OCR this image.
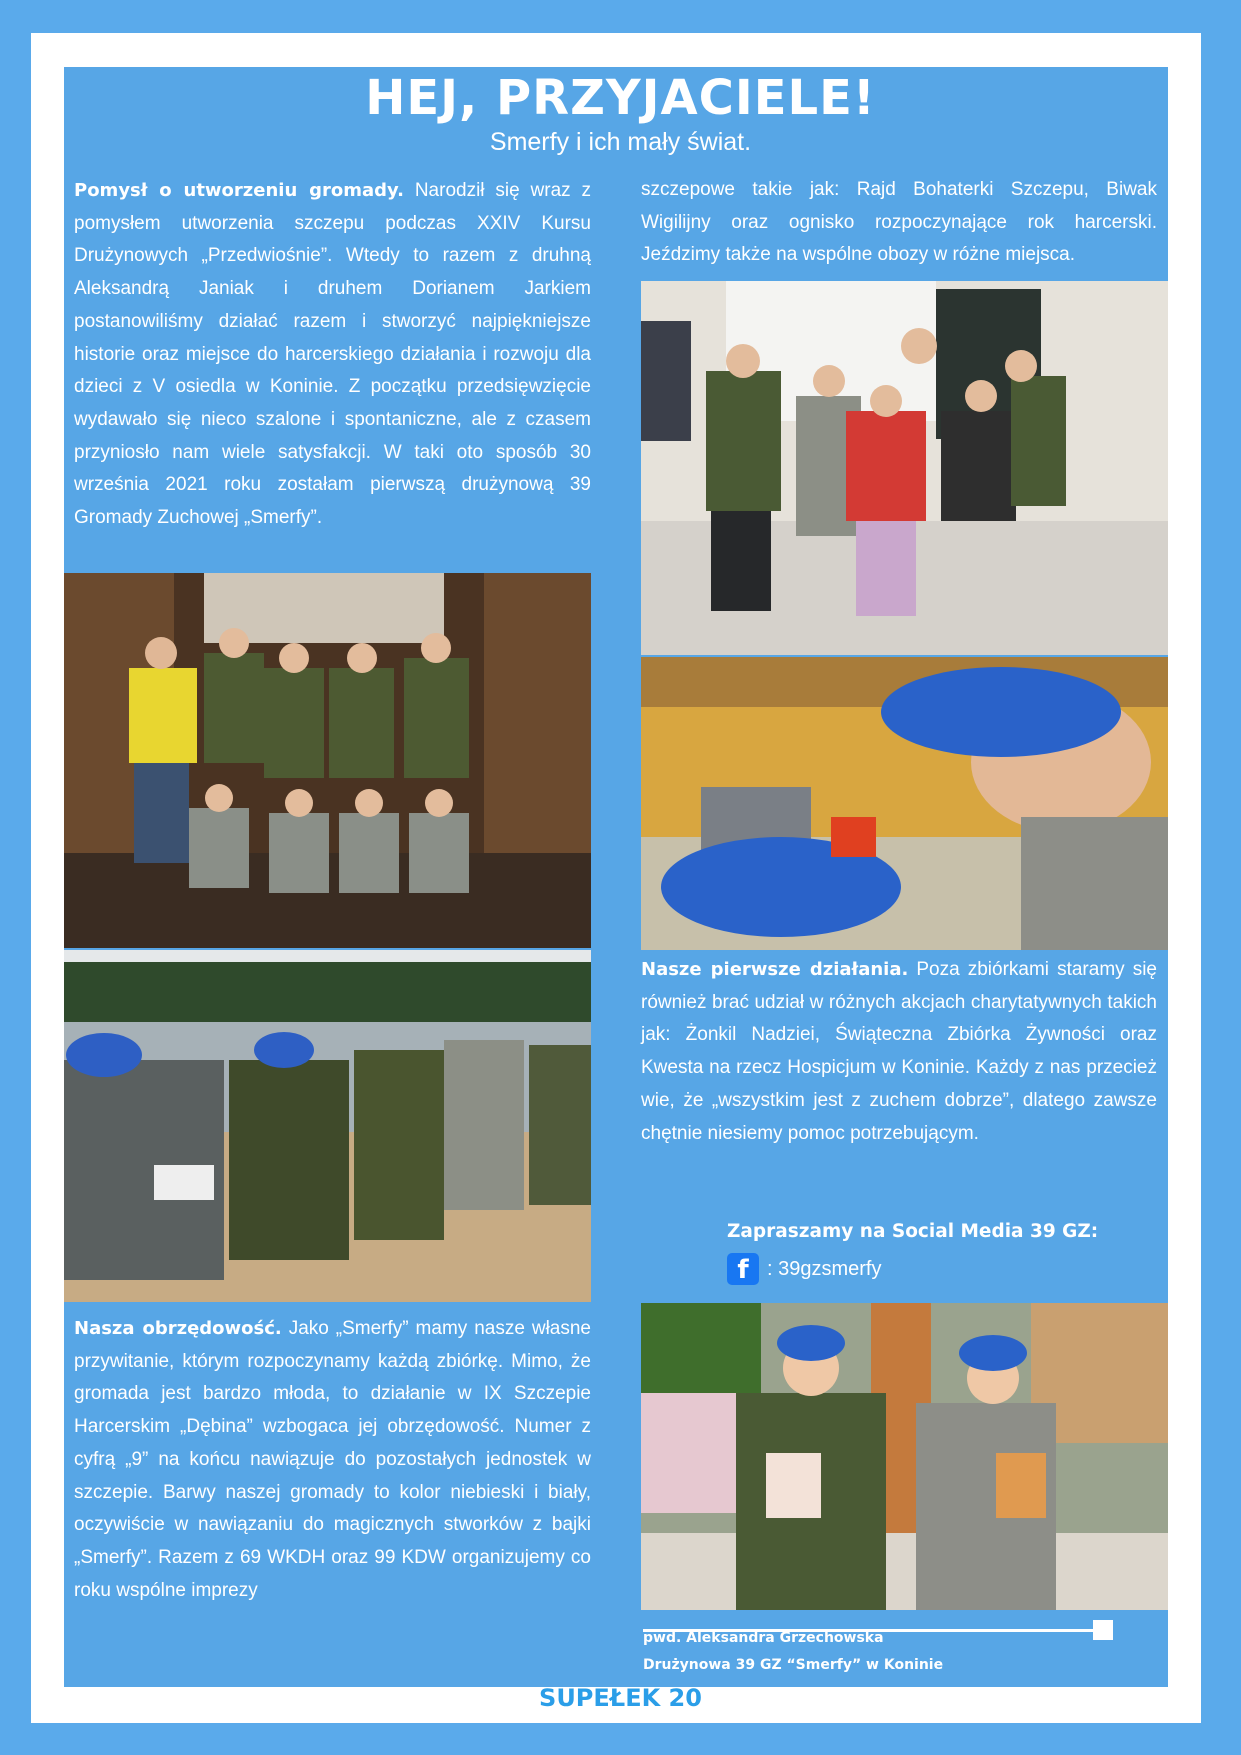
HEJ, PRZYJACIELE!

Smerfy i ich mały świat.

Pomysł o utworzeniu gromady. Narodził się wraz z pomysłem utworzenia szczepu podczas XXIV Kursu Drużynowych „Przedwiośnie”. Wtedy to razem z druhną Aleksandrą Janiak i druhem Dorianem Jarkiem postanowiliśmy działać razem i stworzyć najpiękniejsze historie oraz miejsce do harcerskiego działania i rozwoju dla dzieci z V osiedla w Koninie. Z początku przedsięwzięcie wydawało się nieco szalone i spontaniczne, ale z czasem przyniosło nam wiele satysfakcji. W taki oto sposób 30 września 2021 roku zostałam pierwszą drużynową 39 Gromady Zuchowej „Smerfy”.

Nasza obrzędowość. Jako „Smerfy” mamy nasze własne przywitanie, którym rozpoczynamy każdą zbiórkę. Mimo, że gromada jest bardzo młoda, to działanie w IX Szczepie Harcerskim „Dębina” wzbogaca jej obrzędowość. Numer z cyfrą „9” na końcu nawiązuje do pozostałych jednostek w szczepie. Barwy naszej gromady to kolor niebieski i biały, oczywiście w nawiązaniu do magicznych stworków z bajki „Smerfy”. Razem z 69 WKDH oraz 99 KDW organizujemy co roku wspólne imprezy

szczepowe takie jak: Rajd Bohaterki Szczepu, Biwak Wigilijny oraz ognisko rozpoczynające rok harcerski. Jeździmy także na wspólne obozy w różne miejsca.

Nasze pierwsze działania. Poza zbiórkami staramy się również brać udział w różnych akcjach charytatywnych takich jak: Żonkil Nadziei, Świąteczna Zbiórka Żywności oraz Kwesta na rzecz Hospicjum w Koninie. Każdy z nas przecież wie, że „wszystkim jest z zuchem dobrze”, dlatego zawsze chętnie niesiemy pomoc potrzebującym.

Zapraszamy na Social Media 39 GZ:

f : 39gzsmerfy

pwd. Aleksandra Grzechowska

Drużynowa 39 GZ “Smerfy” w Koninie

SUPEŁEK 20
